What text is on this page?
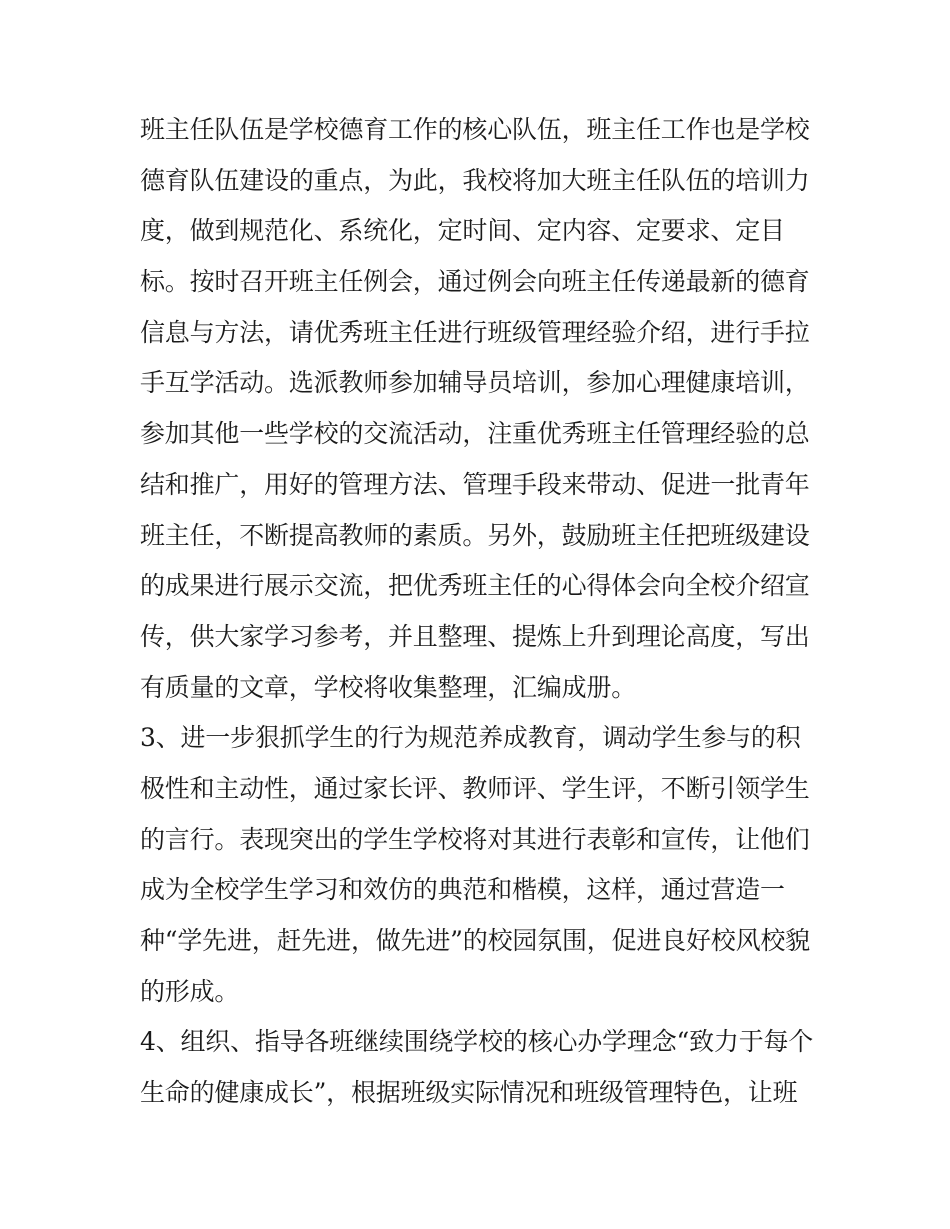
班主任队伍是学校德育工作的核心队伍，班主任工作也是学校
德育队伍建设的重点，为此，我校将加大班主任队伍的培训力
度，做到规范化、系统化，定时间、定内容、定要求、定目
标。按时召开班主任例会，通过例会向班主任传递最新的德育
信息与方法，请优秀班主任进行班级管理经验介绍，进行手拉
手互学活动。选派教师参加辅导员培训，参加心理健康培训，
参加其他一些学校的交流活动，注重优秀班主任管理经验的总
结和推广，用好的管理方法、管理手段来带动、促进一批青年
班主任，不断提高教师的素质。另外，鼓励班主任把班级建设
的成果进行展示交流，把优秀班主任的心得体会向全校介绍宣
传，供大家学习参考，并且整理、提炼上升到理论高度，写出
有质量的文章，学校将收集整理，汇编成册。
3、进一步狠抓学生的行为规范养成教育，调动学生参与的积
极性和主动性，通过家长评、教师评、学生评，不断引领学生
的言行。表现突出的学生学校将对其进行表彰和宣传，让他们
成为全校学生学习和效仿的典范和楷模，这样，通过营造一
种“学先进，赶先进，做先进”的校园氛围，促进良好校风校貌
的形成。
4、组织、指导各班继续围绕学校的核心办学理念“致力于每个
生命的健康成长”，根据班级实际情况和班级管理特色，让班
